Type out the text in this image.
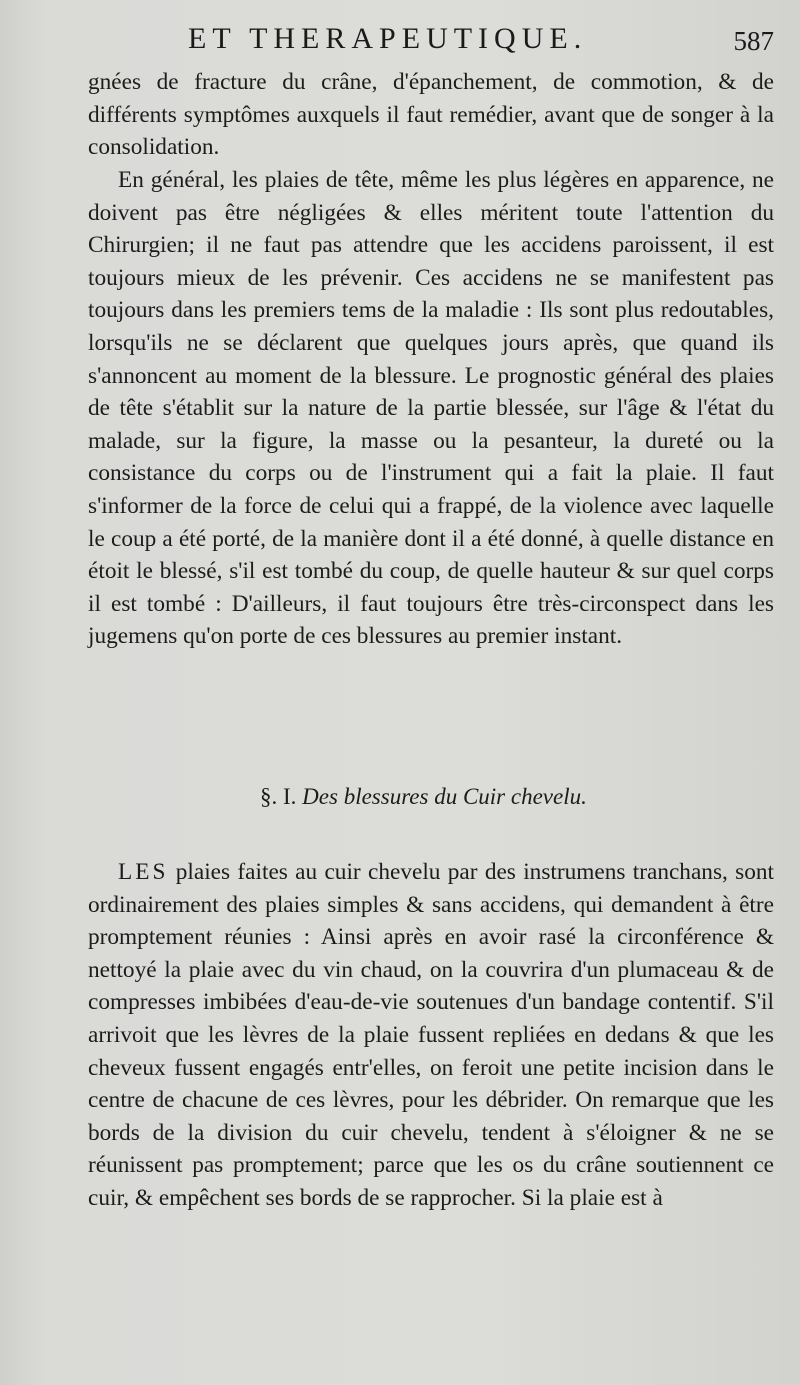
ET THERAPEUTIQUE.	587

gnées de fracture du crâne, d'épanchement, de commotion, & de différents symptômes auxquels il faut remédier, avant que de songer à la consolidation.

En général, les plaies de tête, même les plus légères en apparence, ne doivent pas être négligées & elles méritent toute l'attention du Chirurgien; il ne faut pas attendre que les accidens paroissent, il est toujours mieux de les prévenir. Ces accidens ne se manifestent pas toujours dans les premiers tems de la maladie : Ils sont plus redoutables, lorsqu'ils ne se déclarent que quelques jours après, que quand ils s'annoncent au moment de la blessure. Le prognostic général des plaies de tête s'établit sur la nature de la partie blessée, sur l'âge & l'état du malade, sur la figure, la masse ou la pesanteur, la dureté ou la consistance du corps ou de l'instrument qui a fait la plaie. Il faut s'informer de la force de celui qui a frappé, de la violence avec laquelle le coup a été porté, de la manière dont il a été donné, à quelle distance en étoit le blessé, s'il est tombé du coup, de quelle hauteur & sur quel corps il est tombé : D'ailleurs, il faut toujours être très-circonspect dans les jugemens qu'on porte de ces blessures au premier instant.

§. I. Des blessures du Cuir chevelu.

LES plaies faites au cuir chevelu par des instrumens tranchans, sont ordinairement des plaies simples & sans accidens, qui demandent à être promptement réunies : Ainsi après en avoir rasé la circonférence & nettoyé la plaie avec du vin chaud, on la couvrira d'un plumaceau & de compresses imbibées d'eau-de-vie soutenues d'un bandage contentif. S'il arrivoit que les lèvres de la plaie fussent repliées en dedans & que les cheveux fussent engagés entr'elles, on feroit une petite incision dans le centre de chacune de ces lèvres, pour les débrider. On remarque que les bords de la division du cuir chevelu, tendent à s'éloigner & ne se réunissent pas promptement; parce que les os du crâne soutiennent ce cuir, & empêchent ses bords de se rapprocher. Si la plaie est à
